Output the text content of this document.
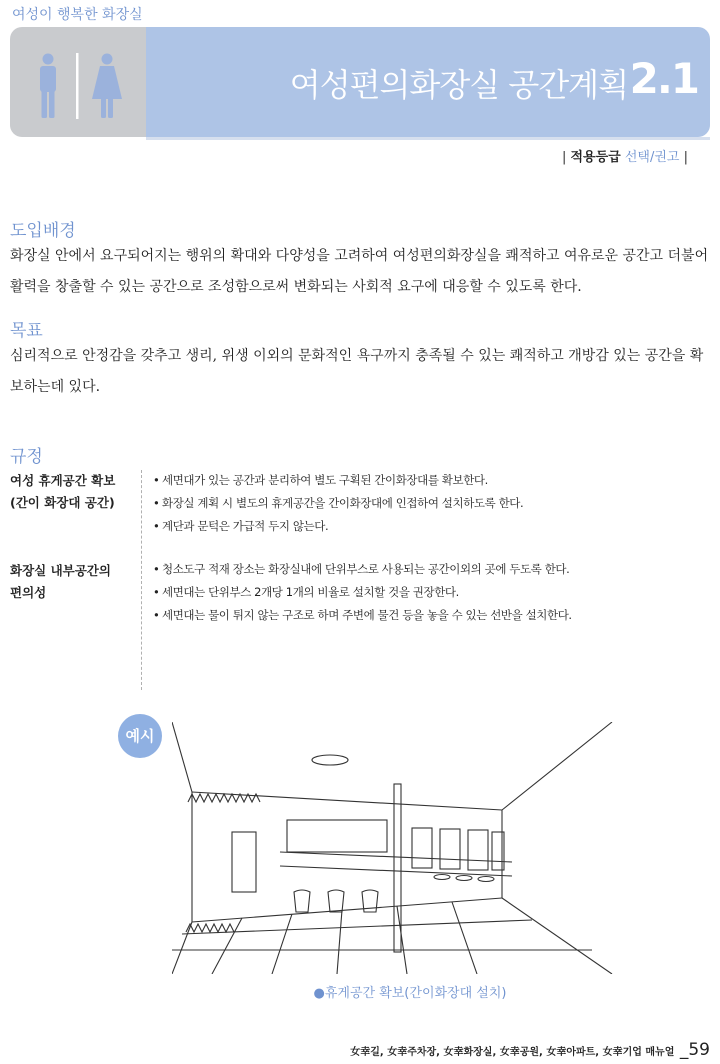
여성이 행복한 화장실
여성편의화장실 공간계획 2.1
| 적용등급 선택/권고 |
도입배경

화장실 안에서 요구되어지는 행위의 확대와 다양성을 고려하여 여성편의화장실을 쾌적하고 여유로운 공간고 더불어 활력을 창출할 수 있는 공간으로 조성함으로써 변화되는 사회적 요구에 대응할 수 있도록 한다.

목표

심리적으로 안정감을 갖추고 생리, 위생 이외의 문화적인 욕구까지 충족될 수 있는 쾌적하고 개방감 있는 공간을 확보하는데 있다.

규정
여성 휴게공간 확보
(간이 화장대 공간)
• 세면대가 있는 공간과 분리하여 별도 구획된 간이화장대를 확보한다.
• 화장실 계획 시 별도의 휴게공간을 간이화장대에 인접하여 설치하도록 한다.
• 계단과 문턱은 가급적 두지 않는다.
화장실 내부공간의
편의성
• 청소도구 적재 장소는 화장실내에 단위부스로 사용되는 공간이외의 곳에 두도록 한다.
• 세면대는 단위부스 2개당 1개의 비율로 설치할 것을 권장한다.
• 세면대는 물이 튀지 않는 구조로 하며 주변에 물건 등을 놓을 수 있는 선반을 설치한다.
예시
●휴게공간 확보(간이화장대 설치)
女幸길, 女幸주차장, 女幸화장실, 女幸공원, 女幸아파트, 女幸기업 매뉴얼 _59
